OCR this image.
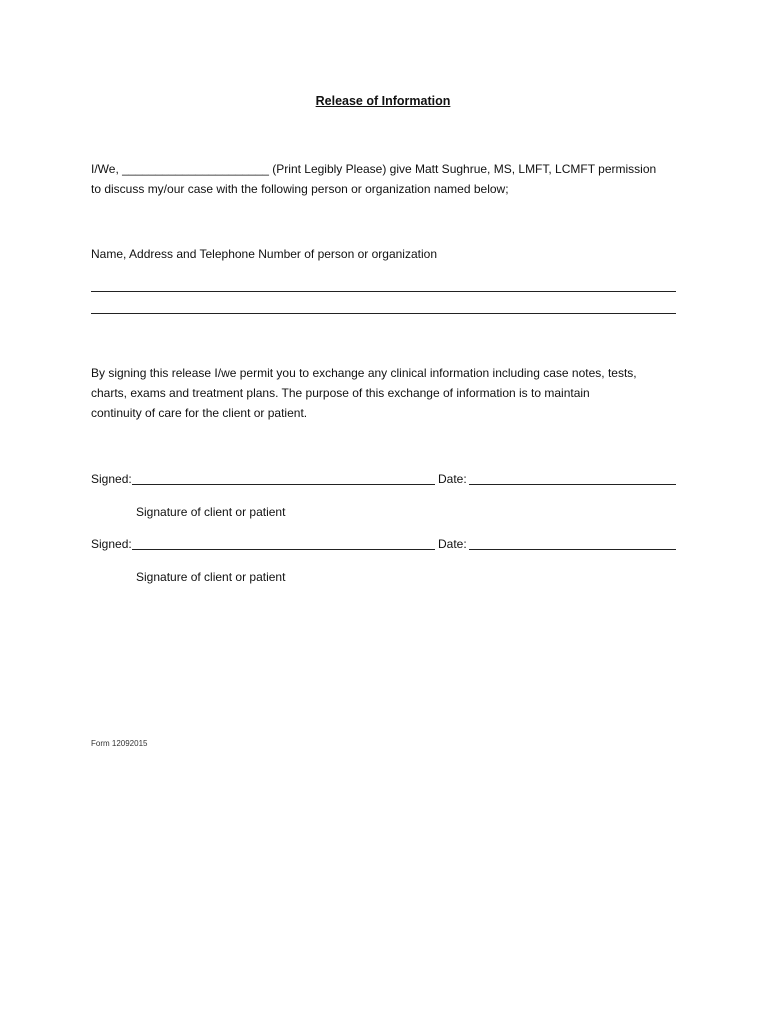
Release of Information
I/We, ______________________ (Print Legibly Please) give Matt Sughrue, MS, LMFT, LCMFT permission
to discuss my/our case with the following person or organization named below;
Name, Address and Telephone Number of person or organization
By signing this release I/we permit you to exchange any clinical information including case notes, tests,
charts, exams and treatment plans. The purpose of this exchange of information is to maintain
continuity of care for the client or patient.
Signed:	Date:
Signature of client or patient
Signed:	Date:
Signature of client or patient
Form 12092015
